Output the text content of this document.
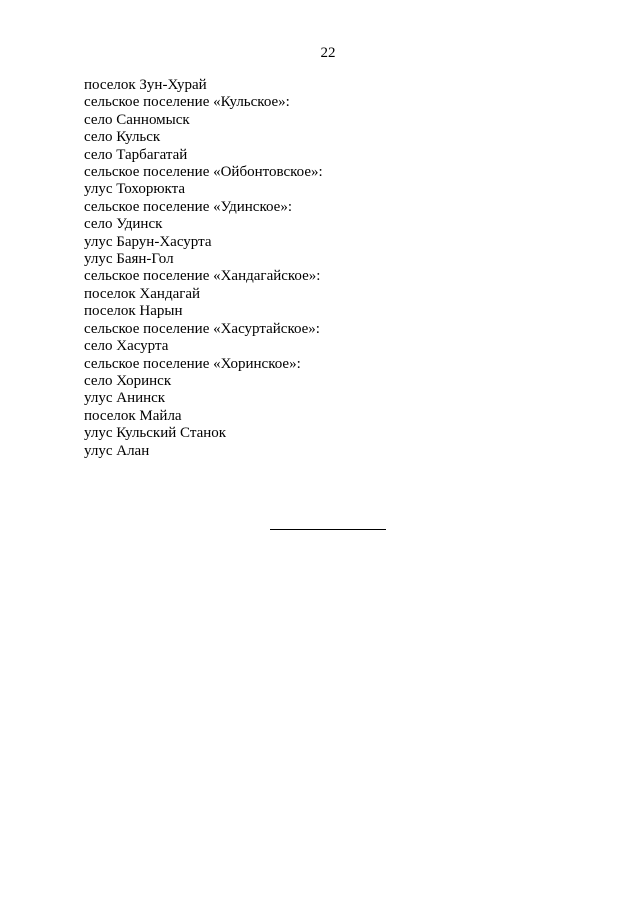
22
поселок Зун-Хурай
сельское поселение «Кульское»:
село Санномыск
село Кульск
село Тарбагатай
сельское поселение «Ойбонтовское»:
улус Тохорюкта
сельское поселение «Удинское»:
село Удинск
улус Барун-Хасурта
улус Баян-Гол
сельское поселение «Хандагайское»:
поселок Хандагай
поселок Нарын
сельское поселение «Хасуртайское»:
село Хасурта
сельское поселение «Хоринское»:
село Хоринск
улус Анинск
поселок Майла
улус Кульский Станок
улус Алан
